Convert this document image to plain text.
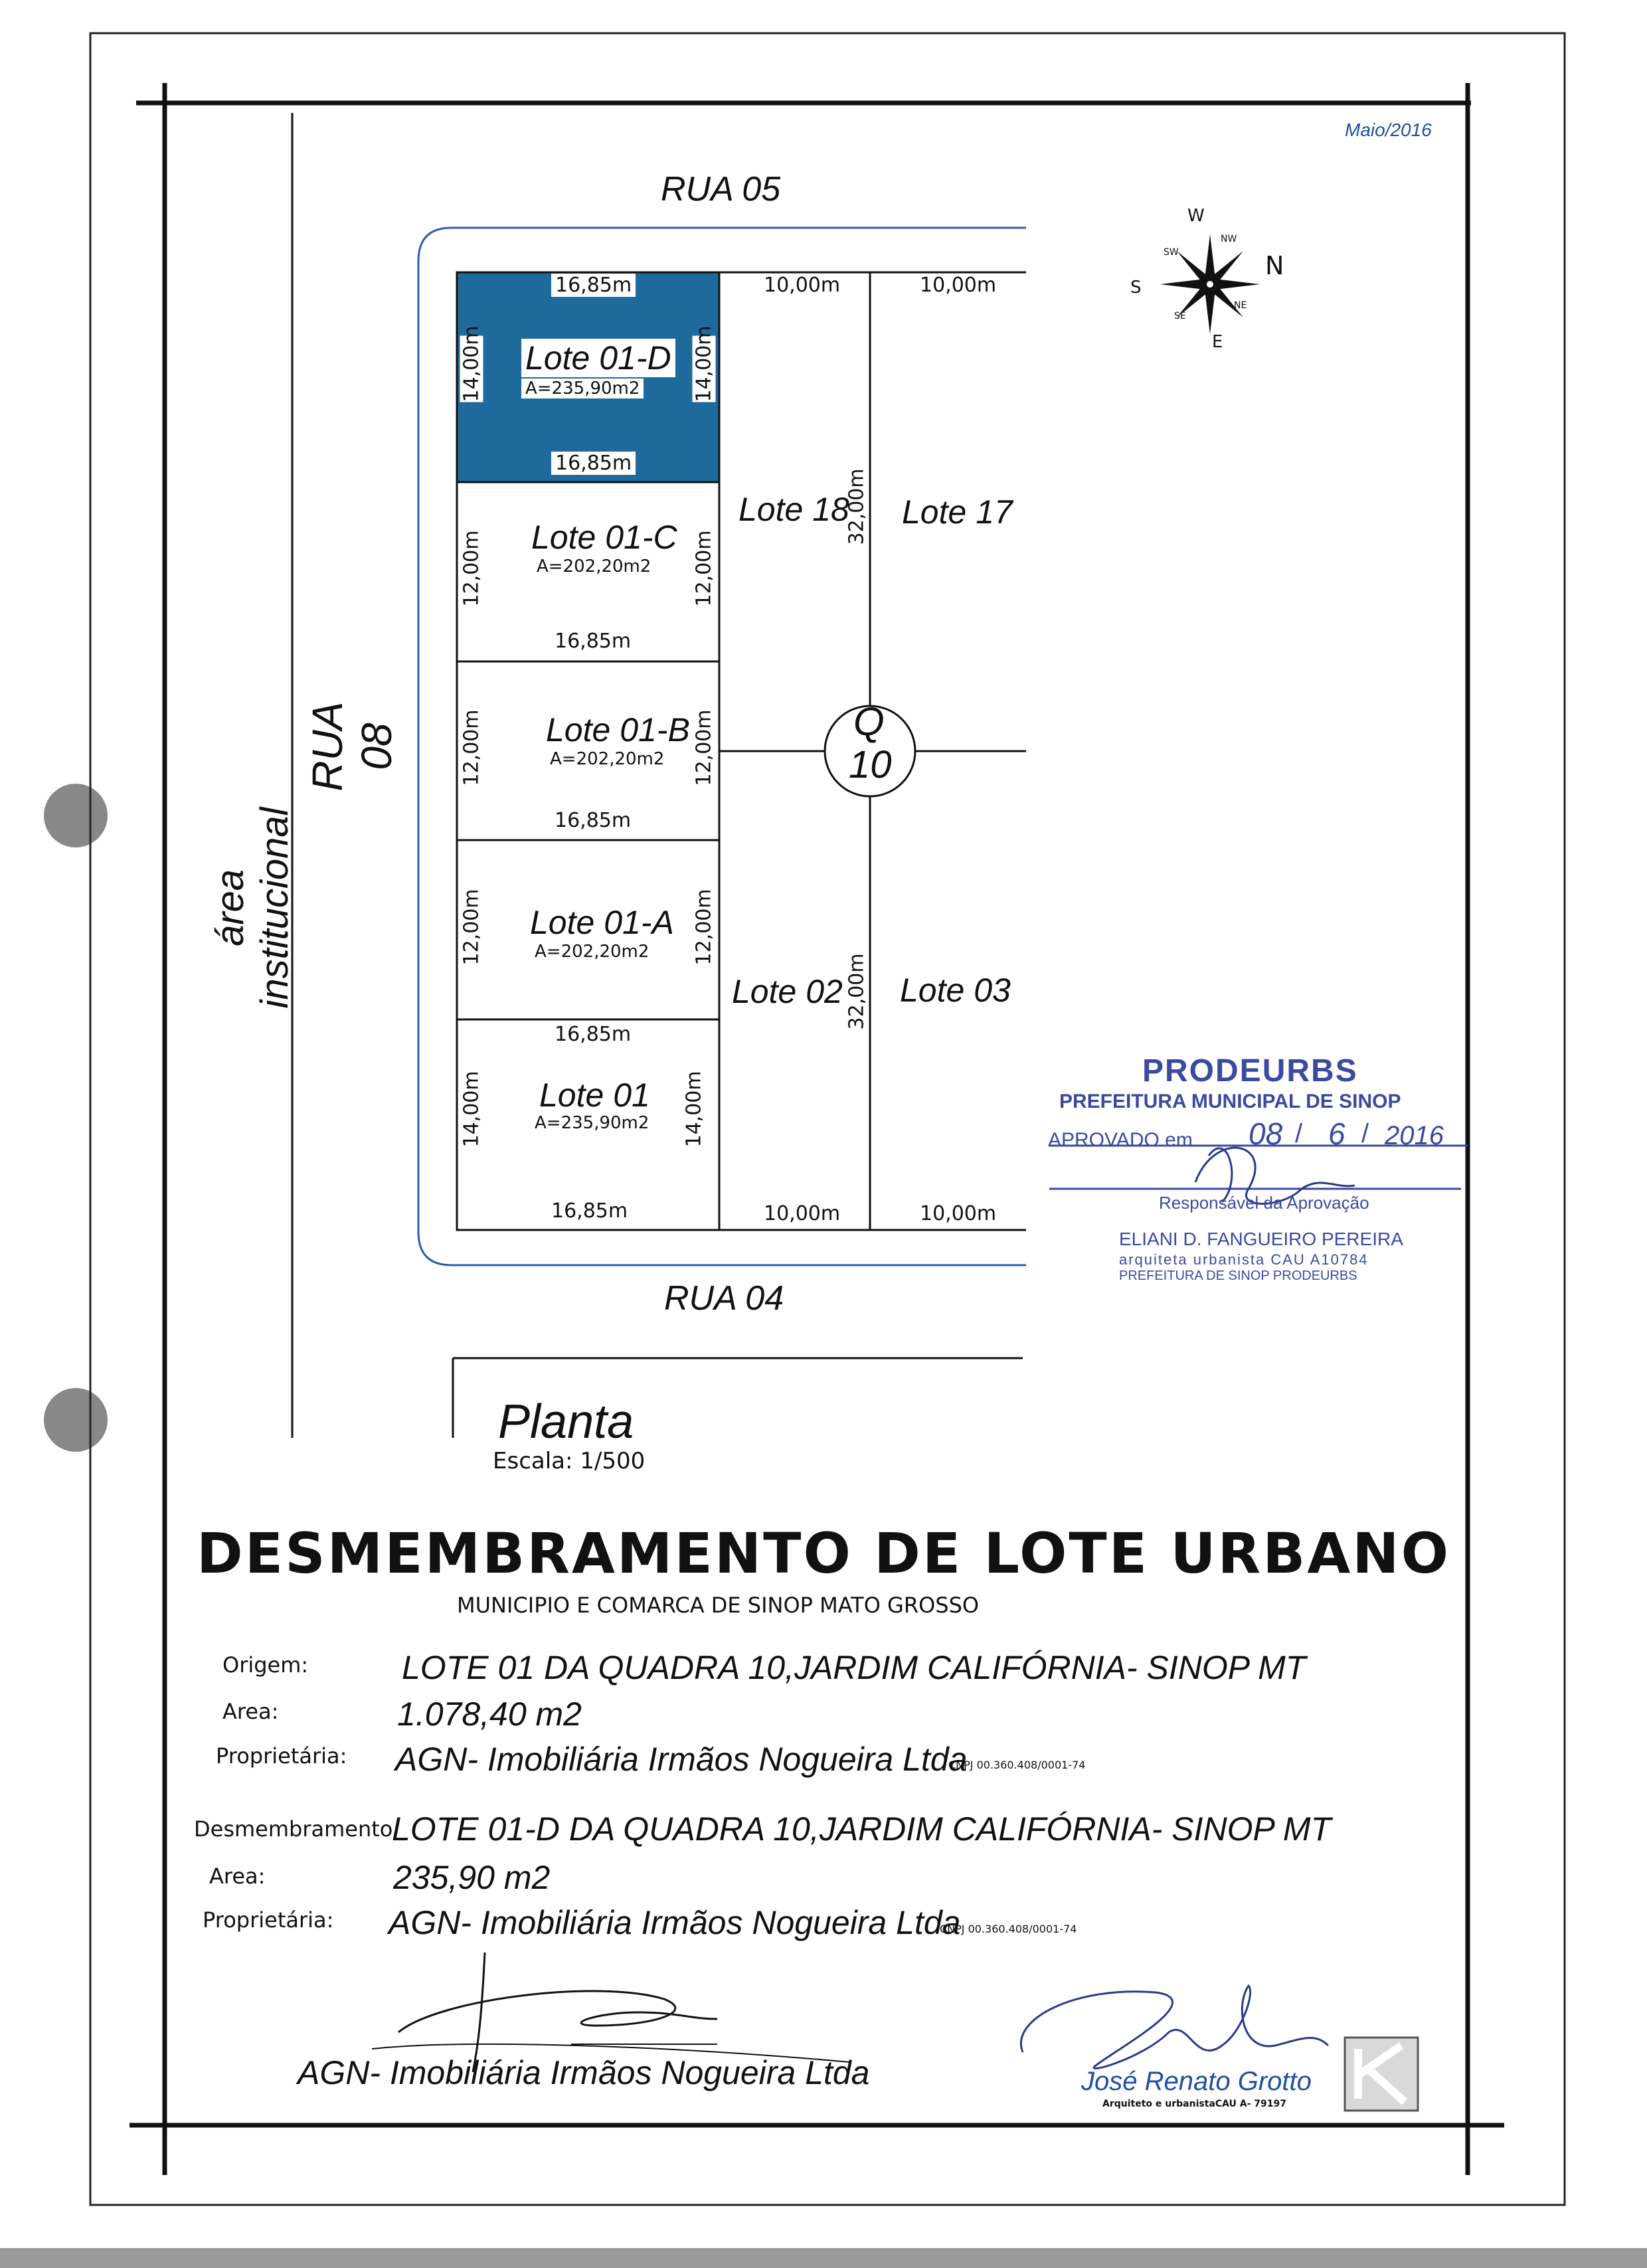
Maio/2016
RUA 05
RUA 04
RUA 08
área institucional
W
S
E
N
NW
NE
SW
SE
16,85m
16,85m
14,00m	14,00m
Lote 01-D
A=235,90m2
Lote 01-C
A=202,20m2
16,85m
12,00m	12,00m
Lote 01-B
A=202,20m2
16,85m
12,00m	12,00m
Lote 01-A
A=202,20m2
16,85m
12,00m	12,00m
Lote 01
A=235,90m2
16,85m
14,00m	14,00m
10,00m	10,00m
Lote 18 Lote 17
32,00m
Q
10
Lote 02 Lote 03
32,00m
10,00m	10,00m
Planta
Escala: 1/500
PRODEURBS
PREFEITURA MUNICIPAL DE SINOP
APROVADO em 08 / 6 / 2016
Responsável da Aprovação
ELIANI D. FANGUEIRO PEREIRA
arquiteta urbanista CAU A10784
PREFEITURA DE SINOP PRODEURBS
DESMEMBRAMENTO DE LOTE URBANO
MUNICIPIO E COMARCA DE SINOP MATO GROSSO
Origem:	LOTE 01 DA QUADRA 10,JARDIM CALIFÓRNIA- SINOP MT
Area:	1.078,40 m2
Proprietária: AGN- Imobiliária Irmãos Nogueira Ltda
CNPJ 00.360.408/0001-74
Desmembramento
LOTE 01-D DA QUADRA 10,JARDIM CALIFÓRNIA- SINOP MT
Area:	235,90 m2
Proprietária: AGN- Imobiliária Irmãos Nogueira Ltda
CNPJ 00.360.408/0001-74
AGN- Imobiliária Irmãos Nogueira Ltda	José Renato Grotto
Arquiteto e urbanistaCAU A- 79197
